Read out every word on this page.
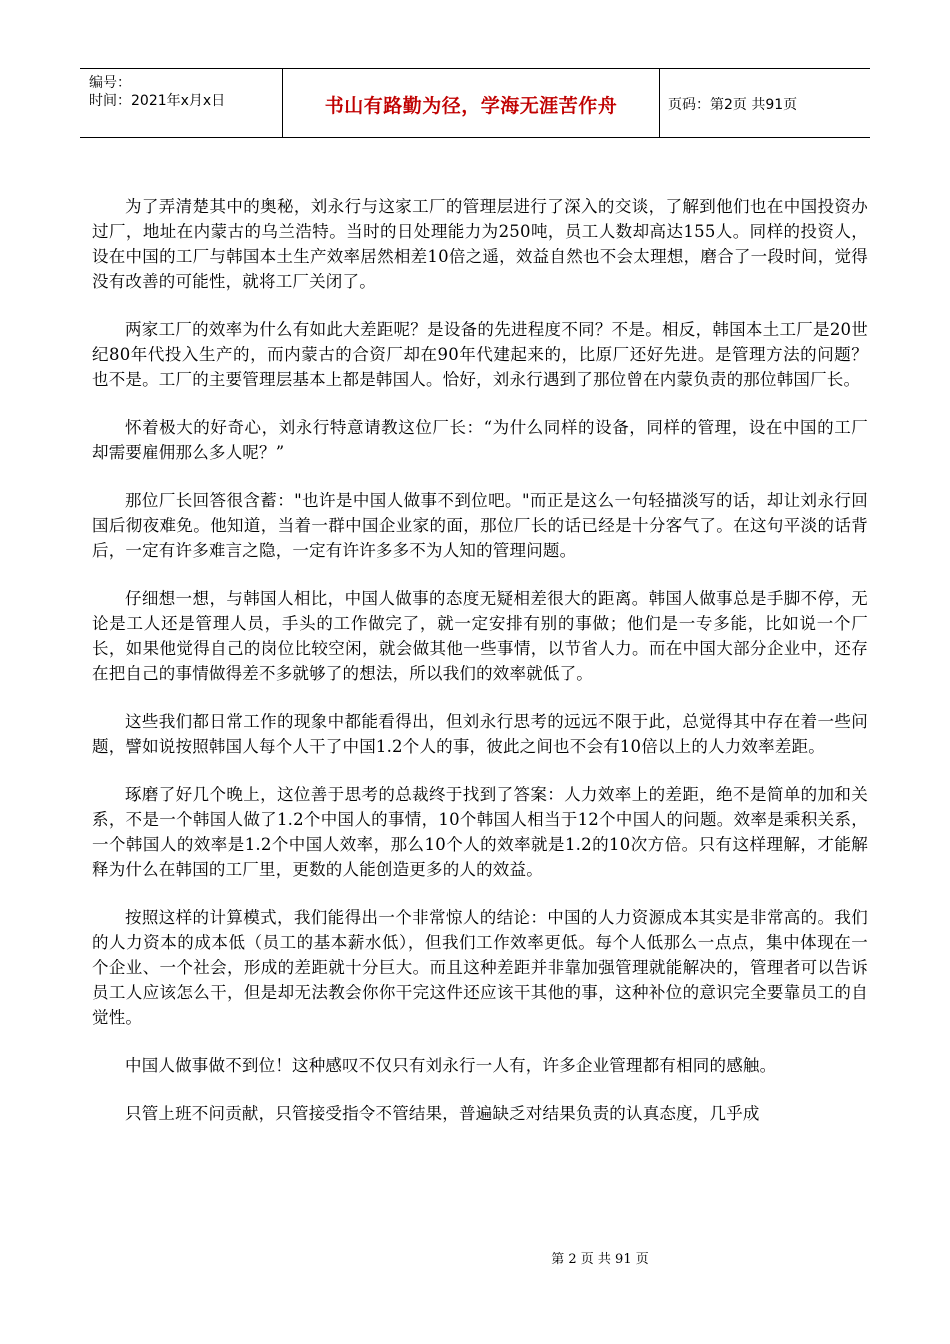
编号：
时间：2021年x月x日	书山有路勤为径，学海无涯苦作舟	页码：第2页 共91页

为了弄清楚其中的奥秘，刘永行与这家工厂的管理层进行了深入的交谈，了解到他们也在中国投资办过厂，地址在内蒙古的乌兰浩特。当时的日处理能力为250吨，员工人数却高达155人。同样的投资人，设在中国的工厂与韩国本土生产效率居然相差10倍之遥，效益自然也不会太理想，磨合了一段时间，觉得没有改善的可能性，就将工厂关闭了。

两家工厂的效率为什么有如此大差距呢？是设备的先进程度不同？不是。相反，韩国本土工厂是20世纪80年代投入生产的，而内蒙古的合资厂却在90年代建起来的，比原厂还好先进。是管理方法的问题？也不是。工厂的主要管理层基本上都是韩国人。恰好，刘永行遇到了那位曾在内蒙负责的那位韩国厂长。

怀着极大的好奇心，刘永行特意请教这位厂长：“为什么同样的设备，同样的管理，设在中国的工厂却需要雇佣那么多人呢？”

那位厂长回答很含蓄："也许是中国人做事不到位吧。"而正是这么一句轻描淡写的话，却让刘永行回国后彻夜难免。他知道，当着一群中国企业家的面，那位厂长的话已经是十分客气了。在这句平淡的话背后，一定有许多难言之隐，一定有许许多多不为人知的管理问题。

仔细想一想，与韩国人相比，中国人做事的态度无疑相差很大的距离。韩国人做事总是手脚不停，无论是工人还是管理人员，手头的工作做完了，就一定安排有别的事做；他们是一专多能，比如说一个厂长，如果他觉得自己的岗位比较空闲，就会做其他一些事情，以节省人力。而在中国大部分企业中，还存在把自己的事情做得差不多就够了的想法，所以我们的效率就低了。

这些我们都日常工作的现象中都能看得出，但刘永行思考的远远不限于此，总觉得其中存在着一些问题，譬如说按照韩国人每个人干了中国1.2个人的事，彼此之间也不会有10倍以上的人力效率差距。

琢磨了好几个晚上，这位善于思考的总裁终于找到了答案：人力效率上的差距，绝不是简单的加和关系，不是一个韩国人做了1.2个中国人的事情，10个韩国人相当于12个中国人的问题。效率是乘积关系，一个韩国人的效率是1.2个中国人效率，那么10个人的效率就是1.2的10次方倍。只有这样理解，才能解释为什么在韩国的工厂里，更数的人能创造更多的人的效益。

按照这样的计算模式，我们能得出一个非常惊人的结论：中国的人力资源成本其实是非常高的。我们的人力资本的成本低（员工的基本薪水低），但我们工作效率更低。每个人低那么一点点，集中体现在一个企业、一个社会，形成的差距就十分巨大。而且这种差距并非靠加强管理就能解决的，管理者可以告诉员工人应该怎么干，但是却无法教会你你干完这件还应该干其他的事，这种补位的意识完全要靠员工的自觉性。

中国人做事做不到位！这种感叹不仅只有刘永行一人有，许多企业管理都有相同的感触。

只管上班不问贡献，只管接受指令不管结果，普遍缺乏对结果负责的认真态度，几乎成

第 2 页 共 91 页
